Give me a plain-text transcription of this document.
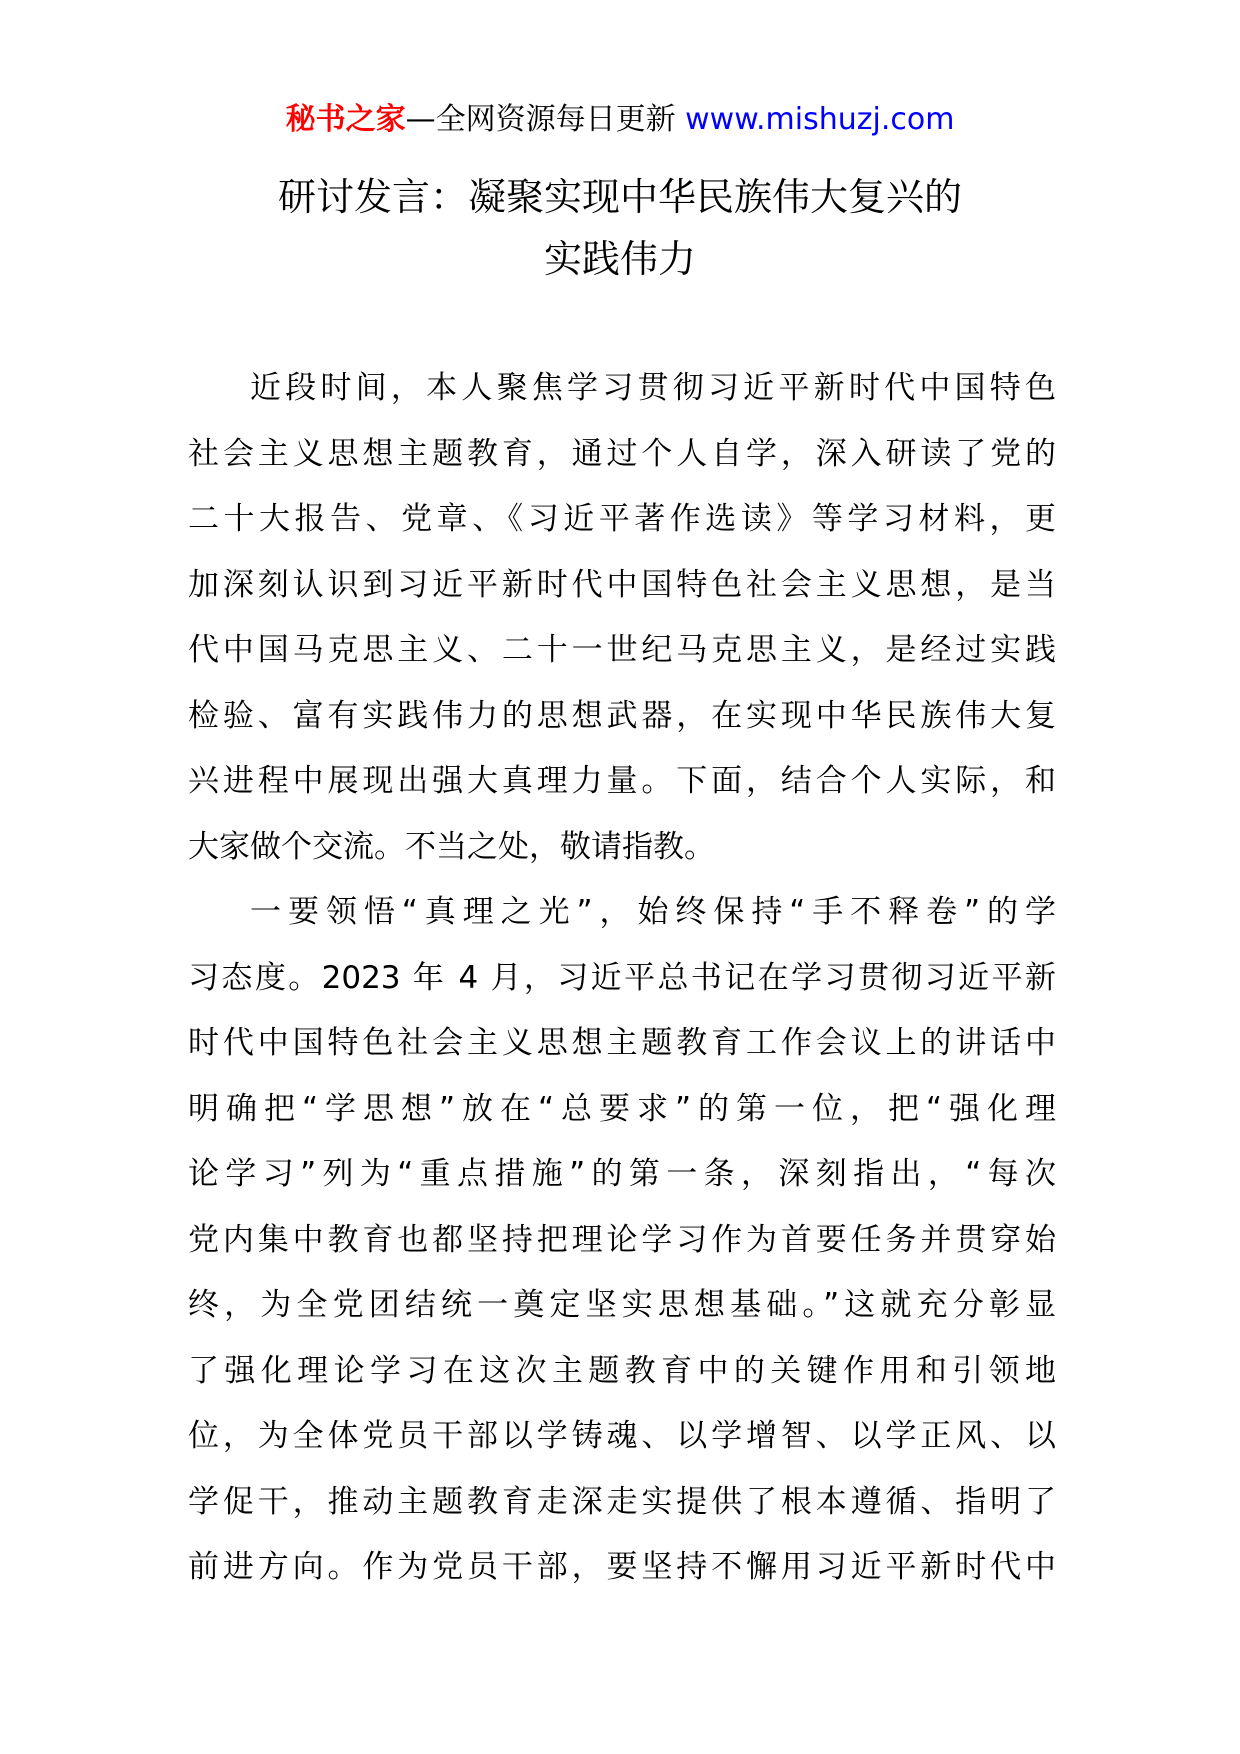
秘书之家—全网资源每日更新 www.mishuzj.com
研讨发言：凝聚实现中华民族伟大复兴的
实践伟力
近段时间，本人聚焦学习贯彻习近平新时代中国特色
社会主义思想主题教育，通过个人自学，深入研读了党的
二十大报告、党章、《习近平著作选读》等学习材料，更
加深刻认识到习近平新时代中国特色社会主义思想，是当
代中国马克思主义、二十一世纪马克思主义，是经过实践
检验、富有实践伟力的思想武器，在实现中华民族伟大复
兴进程中展现出强大真理力量。下面，结合个人实际，和
大家做个交流。不当之处，敬请指教。
一要领悟“真理之光”，始终保持“手不释卷”的学
习态度。2023 年 4 月，习近平总书记在学习贯彻习近平新
时代中国特色社会主义思想主题教育工作会议上的讲话中
明确把“学思想”放在“总要求”的第一位，把“强化理
论学习”列为“重点措施”的第一条，深刻指出，“每次
党内集中教育也都坚持把理论学习作为首要任务并贯穿始
终，为全党团结统一奠定坚实思想基础。”这就充分彰显
了强化理论学习在这次主题教育中的关键作用和引领地
位，为全体党员干部以学铸魂、以学增智、以学正风、以
学促干，推动主题教育走深走实提供了根本遵循、指明了
前进方向。作为党员干部，要坚持不懈用习近平新时代中
